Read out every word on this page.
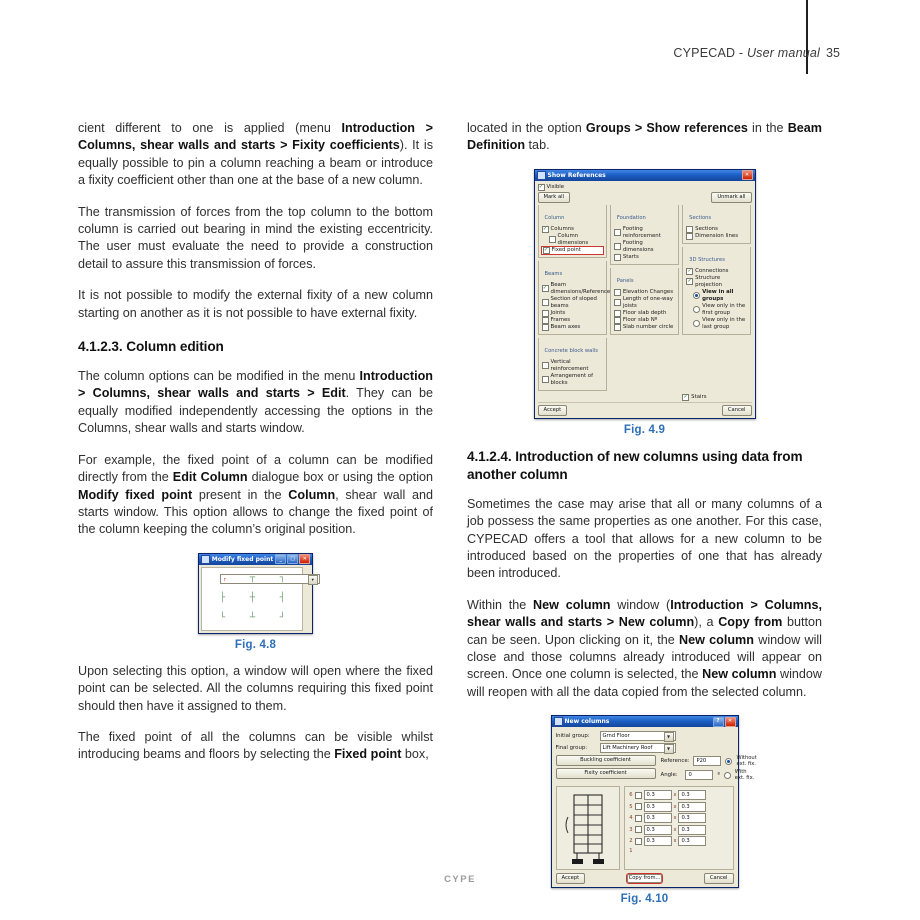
CYPECAD - User manual 35

cient different to one is applied (menu Introduction > Columns, shear walls and starts > Fixity coefficients). It is equally possible to pin a column reaching a beam or introduce a fixity coefficient other than one at the base of a new column.

The transmission of forces from the top column to the bottom column is carried out bearing in mind the existing eccentricity. The user must evaluate the need to provide a construction detail to assure this transmission of forces.

It is not possible to modify the external fixity of a new column starting on another as it is not possible to have external fixity.

4.1.2.3. Column edition

The column options can be modified in the menu Introduction > Columns, shear walls and starts > Edit. They can be equally modified independently accessing the options in the Columns, shear walls and starts window.

For example, the fixed point of a column can be modified directly from the Edit Column dialogue box or using the option Modify fixed point present in the Column, shear wall and starts window. This option allows to change the fixed point of the column keeping the column’s original position.

Modify fixed point	_	□	✕
┌ ▼	┬	┐
├	┼	┤
└	┴	┘
Fig. 4.8

Upon selecting this option, a window will open where the fixed point can be selected. All the columns requiring this fixed point should then have it assigned to them.

The fixed point of all the columns can be visible whilst introducing beams and floors by selecting the Fixed point box,

located in the option Groups > Show references in the Beam Definition tab.

Show References	✕
✓
Visible
Mark all	Unmark all
Column
✓
Columns
Column dimensions
✓
Fixed point
Beams
✓
Beam dimensions/Reference
Section of sloped beams
Joints
Frames
Beam axes
Concrete block walls
Vertical reinforcement
Arrangement of blocks
Foundation
Footing reinforcement
Footing dimensions
Starts
Panels
Elevation Changes
Length of one-way joists
Floor slab depth
Floor slab Nº
Slab number circle
Sections
Sections
Dimension lines
3D Structures
✓
Connections
✓
Structure projection
View in all groups
View only in the first group
View only in the last group
✓
Stairs
Accept	Cancel
Fig. 4.9
4.1.2.4. Introduction of new columns using data from another column

Sometimes the case may arise that all or many columns of a job possess the same properties as one another. For this case, CYPECAD offers a tool that allows for a new column to be introduced based on the properties of one that has already been introduced.

Within the New column window (Introduction > Columns, shear walls and starts > New column), a Copy from button can be seen. Upon clicking on it, the New column window will close and those columns already introduced will appear on screen. Once one column is selected, the New column window will reopen with all the data copied from the selected column.

New columns	?	✕
Initial group:	Grnd Floor ▼
Final group:	Lift Machinery Roof ▼
Buckling coefficient
Fixity coefficient
Reference:	P20	Without ext. fix.
Angle:	0	º	With ext. fix.
6	0.3	x 0.3
5	0.3	x 0.3
4	0.3	x 0.3
3	0.3	x 0.3
2	0.3	x 0.3
1
Accept	Copy from...	Cancel
Fig. 4.10
CYPE
